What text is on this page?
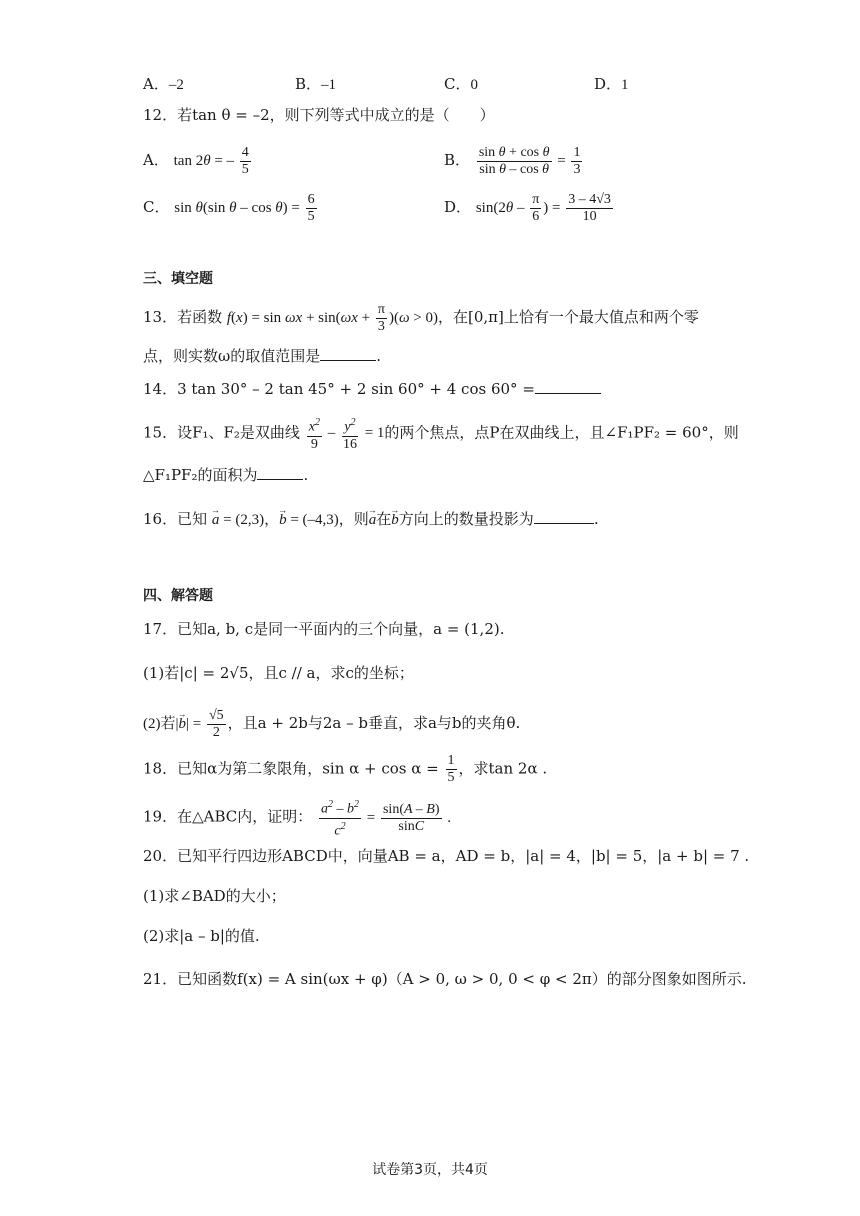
A．–2	B．–1	C．0	D．1
12．若tan θ = –2，则下列等式中成立的是（　　）
A． tan 2θ = – $\frac{4}{5}$	B． $\frac{\text{sin θ + cos θ}}{\text{sin θ – cos θ}} = \frac{1}{3}$
C． sin θ(sin $\theta - \cos \theta) = \frac{6}{5}$	D． $\sin(2\theta - \frac{\pi}{6}$ ) = $\frac{3 - 4√3}{10}$
三、填空题
13．若函数 $f(x) = \sin \omega x + \sin(\omega x + \frac{\pi}{3} )(\omega > 0)$，在[0,π]上恰有一个最大值点和两个零
点，则实数ω的取值范围是	.
14．3 tan 30° – 2 tan 45° + 2 sin 60° + 4 cos 60° =
15．设F₁、F₂是双曲线 $\frac{x^2}{9} - \frac{y^2}{16} = 1$的两个焦点，点P在双曲线上，且∠F₁PF₂ = 60°，则
△F₁PF₂的面积为	.
16．已知 → a = (2,3)，→ b = (–4,3)，则→ a在→ b方向上的数量投影为	.
四、解答题
17．已知a, b, c是同一平面内的三个向量，a = (1,2).
(1)若|c| = 2√5，且c // a，求c的坐标；
(2)若|→ $b| = \frac{√5}{2}$ ，且a + 2b与2a – b垂直，求a与b的夹角θ.
18．已知α为第二象限角，$\sin \alpha + \cos \alpha = \frac{1}{5}$ ，求tan 2α .
19．在△ABC内，证明： $\frac{a^2 - b^2}{c^2} = \frac{\sin(A - B)}{\sin C}$ .
20．已知平行四边形ABCD中，向量AB = a，AD = b，|a| = 4，|b| = 5，|a + b| = 7 .
(1)求∠BAD的大小；
(2)求|a – b|的值.
21．已知函数f(x) = A sin(ωx + φ)（A > 0, ω > 0, 0 < φ < 2π）的部分图象如图所示.
试卷第3页，共4页
